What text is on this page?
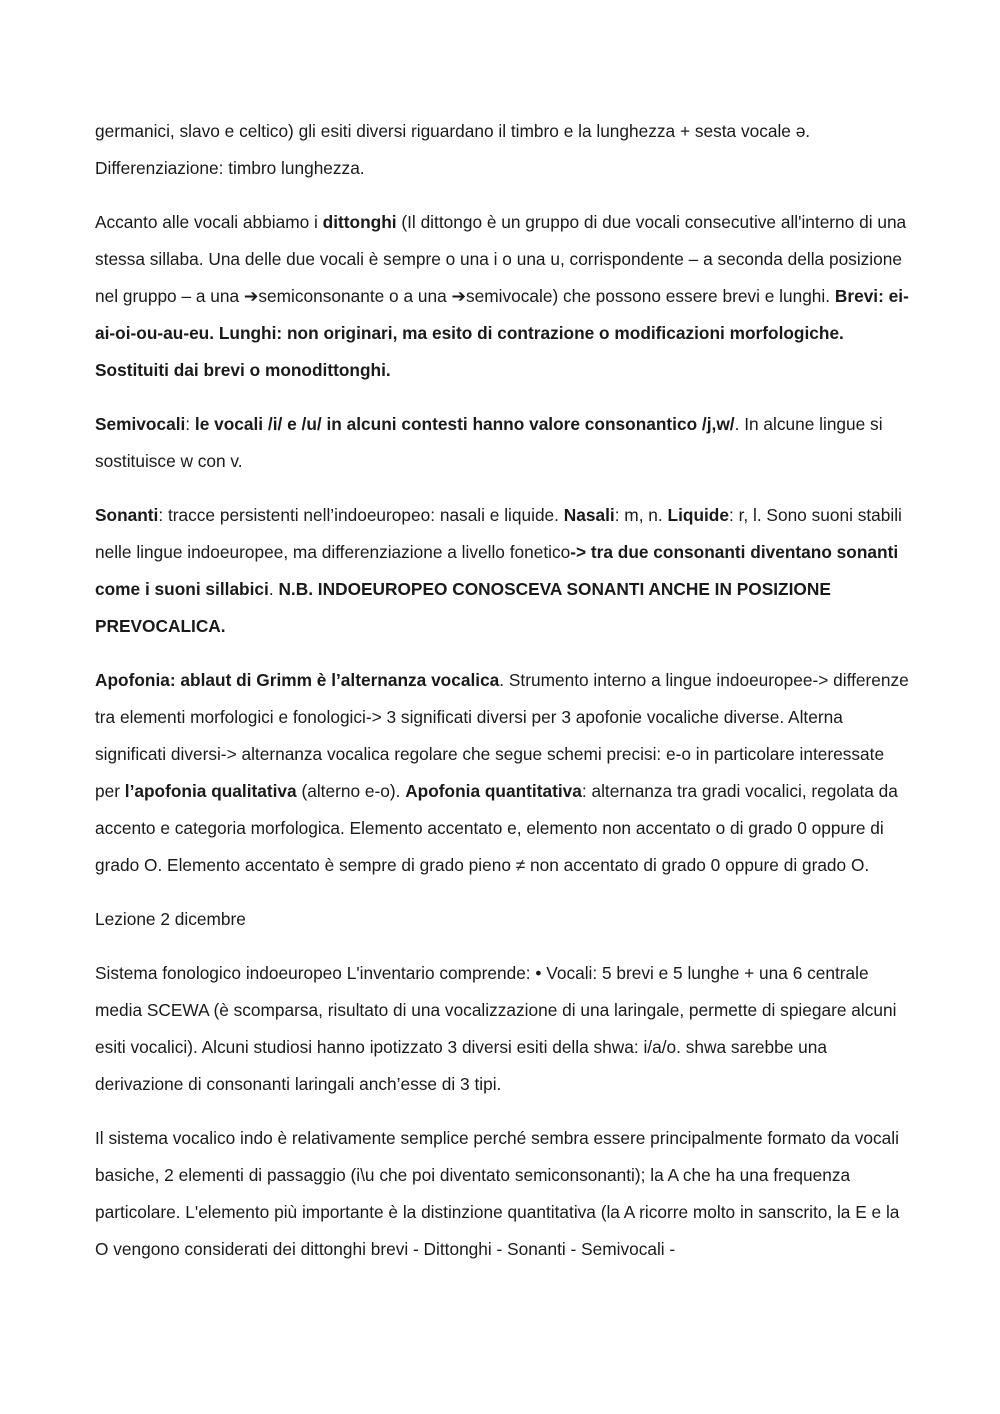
germanici, slavo e celtico) gli esiti diversi riguardano il timbro e la lunghezza + sesta vocale ə. Differenziazione: timbro lunghezza.

Accanto alle vocali abbiamo i dittonghi (Il dittongo è un gruppo di due vocali consecutive all'interno di una stessa sillaba. Una delle due vocali è sempre o una i o una u, corrispondente – a seconda della posizione nel gruppo – a una ➔semiconsonante o a una ➔semivocale) che possono essere brevi e lunghi. Brevi: ei-ai-oi-ou-au-eu. Lunghi: non originari, ma esito di contrazione o modificazioni morfologiche. Sostituiti dai brevi o monodittonghi.

Semivocali: le vocali /i/ e /u/ in alcuni contesti hanno valore consonantico /j,w/. In alcune lingue si sostituisce w con v.

Sonanti: tracce persistenti nell’indoeuropeo: nasali e liquide. Nasali: m, n. Liquide: r, l. Sono suoni stabili nelle lingue indoeuropee, ma differenziazione a livello fonetico-> tra due consonanti diventano sonanti come i suoni sillabici. N.B. INDOEUROPEO CONOSCEVA SONANTI ANCHE IN POSIZIONE PREVOCALICA.

Apofonia: ablaut di Grimm è l’alternanza vocalica. Strumento interno a lingue indoeuropee-> differenze tra elementi morfologici e fonologici-> 3 significati diversi per 3 apofonie vocaliche diverse. Alterna significati diversi-> alternanza vocalica regolare che segue schemi precisi: e-o in particolare interessate per l’apofonia qualitativa (alterno e-o). Apofonia quantitativa: alternanza tra gradi vocalici, regolata da accento e categoria morfologica. Elemento accentato e, elemento non accentato o di grado 0 oppure di grado O. Elemento accentato è sempre di grado pieno ≠ non accentato di grado 0 oppure di grado O.

Lezione 2 dicembre

Sistema fonologico indoeuropeo L'inventario comprende: • Vocali: 5 brevi e 5 lunghe + una 6 centrale media SCEWA (è scomparsa, risultato di una vocalizzazione di una laringale, permette di spiegare alcuni esiti vocalici). Alcuni studiosi hanno ipotizzato 3 diversi esiti della shwa: i/a/o. shwa sarebbe una derivazione di consonanti laringali anch’esse di 3 tipi.

Il sistema vocalico indo è relativamente semplice perché sembra essere principalmente formato da vocali basiche, 2 elementi di passaggio (i\u che poi diventato semiconsonanti); la A che ha una frequenza particolare. L'elemento più importante è la distinzione quantitativa (la A ricorre molto in sanscrito, la E e la O vengono considerati dei dittonghi brevi - Dittonghi - Sonanti - Semivocali -
